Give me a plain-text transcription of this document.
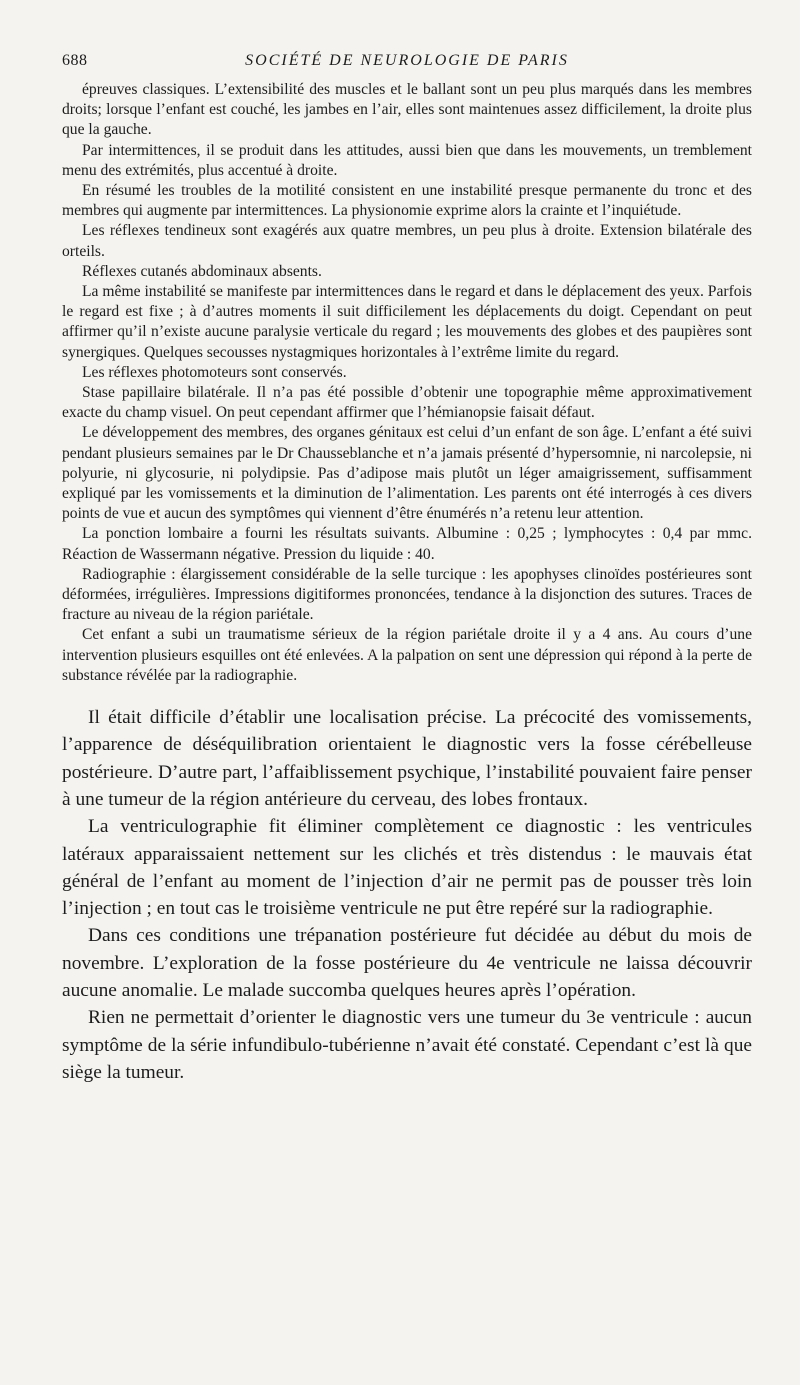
688	SOCIÉTÉ DE NEUROLOGIE DE PARIS

épreuves classiques. L’extensibilité des muscles et le ballant sont un peu plus marqués dans les membres droits; lorsque l’enfant est couché, les jambes en l’air, elles sont maintenues assez difficilement, la droite plus que la gauche.

Par intermittences, il se produit dans les attitudes, aussi bien que dans les mouvements, un tremblement menu des extrémités, plus accentué à droite.

En résumé les troubles de la motilité consistent en une instabilité presque permanente du tronc et des membres qui augmente par intermittences. La physionomie exprime alors la crainte et l’inquiétude.

Les réflexes tendineux sont exagérés aux quatre membres, un peu plus à droite. Extension bilatérale des orteils.

Réflexes cutanés abdominaux absents.

La même instabilité se manifeste par intermittences dans le regard et dans le déplacement des yeux. Parfois le regard est fixe ; à d’autres moments il suit difficilement les déplacements du doigt. Cependant on peut affirmer qu’il n’existe aucune paralysie verticale du regard ; les mouvements des globes et des paupières sont synergiques. Quelques secousses nystagmiques horizontales à l’extrême limite du regard.

Les réflexes photomoteurs sont conservés.

Stase papillaire bilatérale. Il n’a pas été possible d’obtenir une topographie même approximativement exacte du champ visuel. On peut cependant affirmer que l’hémianopsie faisait défaut.

Le développement des membres, des organes génitaux est celui d’un enfant de son âge. L’enfant a été suivi pendant plusieurs semaines par le Dr Chausseblanche et n’a jamais présenté d’hypersomnie, ni narcolepsie, ni polyurie, ni glycosurie, ni polydipsie. Pas d’adipose mais plutôt un léger amaigrissement, suffisamment expliqué par les vomissements et la diminution de l’alimentation. Les parents ont été interrogés à ces divers points de vue et aucun des symptômes qui viennent d’être énumérés n’a retenu leur attention.

La ponction lombaire a fourni les résultats suivants. Albumine : 0,25 ; lymphocytes : 0,4 par mmc. Réaction de Wassermann négative. Pression du liquide : 40.

Radiographie : élargissement considérable de la selle turcique : les apophyses clinoïdes postérieures sont déformées, irrégulières. Impressions digitiformes prononcées, tendance à la disjonction des sutures. Traces de fracture au niveau de la région pariétale.

Cet enfant a subi un traumatisme sérieux de la région pariétale droite il y a 4 ans. Au cours d’une intervention plusieurs esquilles ont été enlevées. A la palpation on sent une dépression qui répond à la perte de substance révélée par la radiographie.

Il était difficile d’établir une localisation précise. La précocité des vomissements, l’apparence de déséquilibration orientaient le diagnostic vers la fosse cérébelleuse postérieure. D’autre part, l’affaiblissement psychique, l’instabilité pouvaient faire penser à une tumeur de la région antérieure du cerveau, des lobes frontaux.

La ventriculographie fit éliminer complètement ce diagnostic : les ventricules latéraux apparaissaient nettement sur les clichés et très distendus : le mauvais état général de l’enfant au moment de l’injection d’air ne permit pas de pousser très loin l’injection ; en tout cas le troisième ventricule ne put être repéré sur la radiographie.

Dans ces conditions une trépanation postérieure fut décidée au début du mois de novembre. L’exploration de la fosse postérieure du 4e ventricule ne laissa découvrir aucune anomalie. Le malade succomba quelques heures après l’opération.

Rien ne permettait d’orienter le diagnostic vers une tumeur du 3e ventricule : aucun symptôme de la série infundibulo-tubérienne n’avait été constaté. Cependant c’est là que siège la tumeur.
